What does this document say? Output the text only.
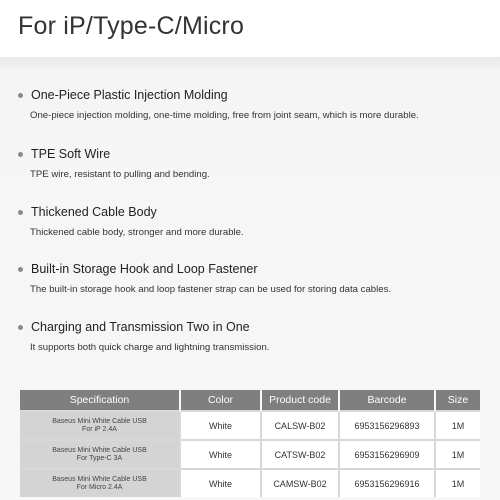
For iP/Type-C/Micro
One-Piece Plastic Injection Molding
One-piece injection molding, one-time molding, free from joint seam, which is more durable.
TPE Soft Wire
TPE wire, resistant to pulling and bending.
Thickened Cable Body
Thickened cable body, stronger and more durable.
Built-in Storage Hook and Loop Fastener
The built-in storage hook and loop fastener strap can be used for storing data cables.
Charging and Transmission Two in One
It supports both quick charge and lightning transmission.
Specification	Color	Product code	Barcode	Size

Baseus Mini White Cable USB
For iP 2.4A	White	CALSW-B02	6953156296893	1M

Baseus Mini White Cable USB
For Type-C 3A	White	CATSW-B02	6953156296909	1M

Baseus Mini White Cable USB
For Micro 2.4A	White	CAMSW-B02	6953156296916	1M
